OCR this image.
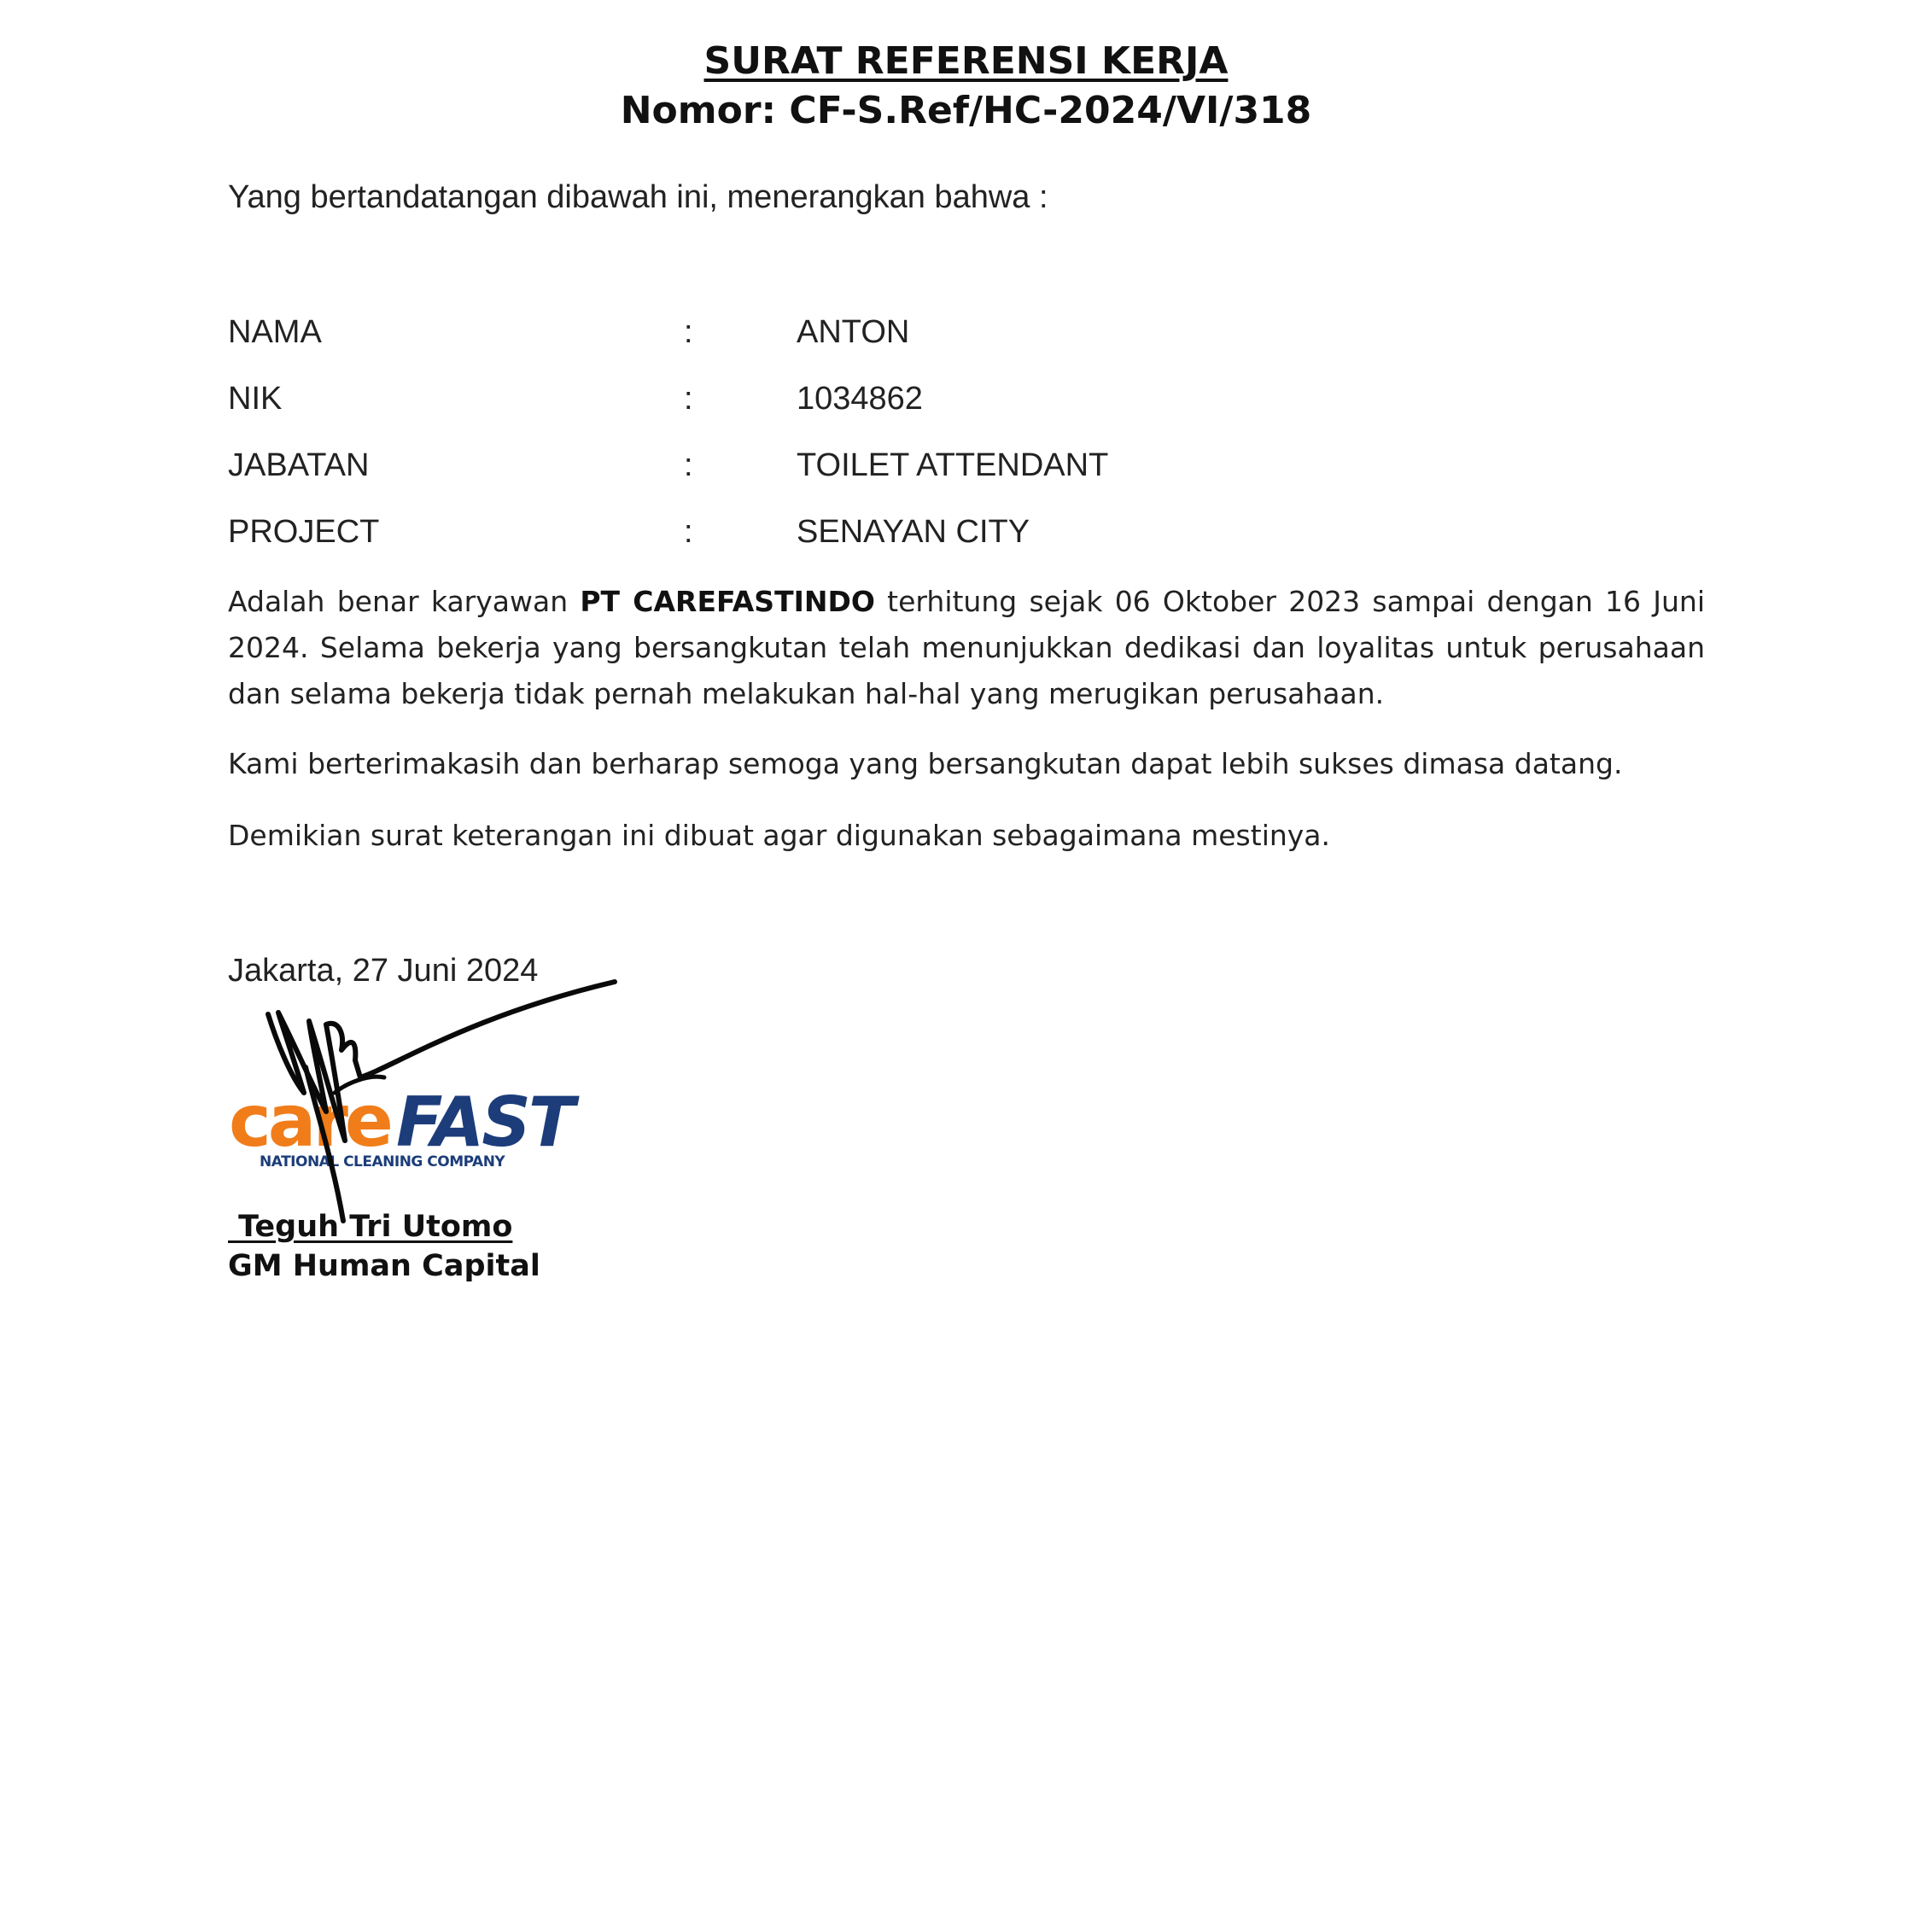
SURAT REFERENSI KERJA
Nomor: CF-S.Ref/HC-2024/VI/318
Yang bertandatangan dibawah ini, menerangkan bahwa :
NAMA	:	ANTON
NIK	:	1034862
JABATAN	:	TOILET ATTENDANT
PROJECT	:	SENAYAN CITY

Adalah benar karyawan PT CAREFASTINDO terhitung sejak 06 Oktober 2023 sampai dengan 16 Juni 2024. Selama bekerja yang bersangkutan telah menunjukkan dedikasi dan loyalitas untuk perusahaan dan selama bekerja tidak pernah melakukan hal-hal yang merugikan perusahaan.

Kami berterimakasih dan berharap semoga yang bersangkutan dapat lebih sukses dimasa datang.

Demikian surat keterangan ini dibuat agar digunakan sebagaimana mestinya.

Jakarta, 27 Juni 2024
care FAST
NATIONAL CLEANING COMPANY
Teguh Tri Utomo
GM Human Capital
